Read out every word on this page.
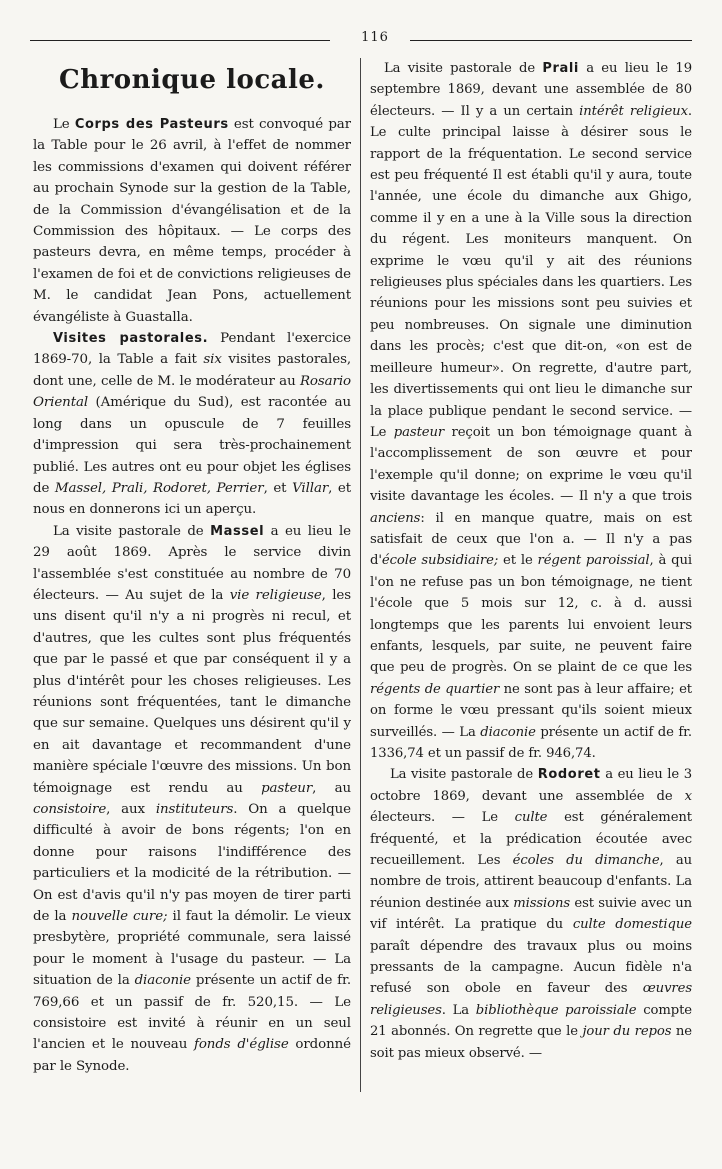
116
Chronique locale.

Le Corps des Pasteurs est convoqué par la Table pour le 26 avril, à l'effet de nommer les commissions d'examen qui doivent référer au prochain Synode sur la gestion de la Table, de la Commission d'évangélisation et de la Commission des hôpitaux. — Le corps des pasteurs devra, en même temps, procéder à l'examen de foi et de convictions religieuses de M. le candidat Jean Pons, actuellement évangéliste à Guastalla.

Visites pastorales. Pendant l'exercice 1869-70, la Table a fait six visites pastorales, dont une, celle de M. le modérateur au Rosario Oriental (Amérique du Sud), est racontée au long dans un opuscule de 7 feuilles d'impression qui sera très-prochainement publié. Les autres ont eu pour objet les églises de Massel, Prali, Rodoret, Perrier, et Villar, et nous en donnerons ici un aperçu.

La visite pastorale de Massel a eu lieu le 29 août 1869. Après le service divin l'assemblée s'est constituée au nombre de 70 électeurs. — Au sujet de la vie religieuse, les uns disent qu'il n'y a ni progrès ni recul, et d'autres, que les cultes sont plus fréquentés que par le passé et que par conséquent il y a plus d'intérêt pour les choses religieuses. Les réunions sont fréquentées, tant le dimanche que sur semaine. Quelques uns désirent qu'il y en ait davantage et recommandent d'une manière spéciale l'œuvre des missions. Un bon témoignage est rendu au pasteur, au consistoire, aux instituteurs. On a quelque difficulté à avoir de bons régents; l'on en donne pour raisons l'indifférence des particuliers et la modicité de la rétribution. — On est d'avis qu'il n'y pas moyen de tirer parti de la nouvelle cure; il faut la démolir. Le vieux presbytère, propriété communale, sera laissé pour le moment à l'usage du pasteur. — La situation de la diaconie présente un actif de fr. 769,66 et un passif de fr. 520,15. — Le consistoire est invité à réunir en un seul l'ancien et le nouveau fonds d'église ordonné par le Synode.

La visite pastorale de Prali a eu lieu le 19 septembre 1869, devant une assemblée de 80 électeurs. — Il y a un certain intérêt religieux. Le culte principal laisse à désirer sous le rapport de la fréquentation. Le second service est peu fréquenté Il est établi qu'il y aura, toute l'année, une école du dimanche aux Ghigo, comme il y en a une à la Ville sous la direction du régent. Les moniteurs manquent. On exprime le vœu qu'il y ait des réunions religieuses plus spéciales dans les quartiers. Les réunions pour les missions sont peu suivies et peu nombreuses. On signale une diminution dans les procès; c'est que dit-on, «on est de meilleure humeur». On regrette, d'autre part, les divertissements qui ont lieu le dimanche sur la place publique pendant le second service. — Le pasteur reçoit un bon témoignage quant à l'accomplissement de son œuvre et pour l'exemple qu'il donne; on exprime le vœu qu'il visite davantage les écoles. — Il n'y a que trois anciens: il en manque quatre, mais on est satisfait de ceux que l'on a. — Il n'y a pas d'école subsidiaire; et le régent paroissial, à qui l'on ne refuse pas un bon témoignage, ne tient l'école que 5 mois sur 12, c. à d. aussi longtemps que les parents lui envoient leurs enfants, lesquels, par suite, ne peuvent faire que peu de progrès. On se plaint de ce que les régents de quartier ne sont pas à leur affaire; et on forme le vœu pressant qu'ils soient mieux surveillés. — La diaconie présente un actif de fr. 1336,74 et un passif de fr. 946,74.

La visite pastorale de Rodoret a eu lieu le 3 octobre 1869, devant une assemblée de x électeurs. — Le culte est généralement fréquenté, et la prédication écoutée avec recueillement. Les écoles du dimanche, au nombre de trois, attirent beaucoup d'enfants. La réunion destinée aux missions est suivie avec un vif intérêt. La pratique du culte domestique paraît dépendre des travaux plus ou moins pressants de la campagne. Aucun fidèle n'a refusé son obole en faveur des œuvres religieuses. La bibliothèque paroissiale compte 21 abonnés. On regrette que le jour du repos ne soit pas mieux observé. —
